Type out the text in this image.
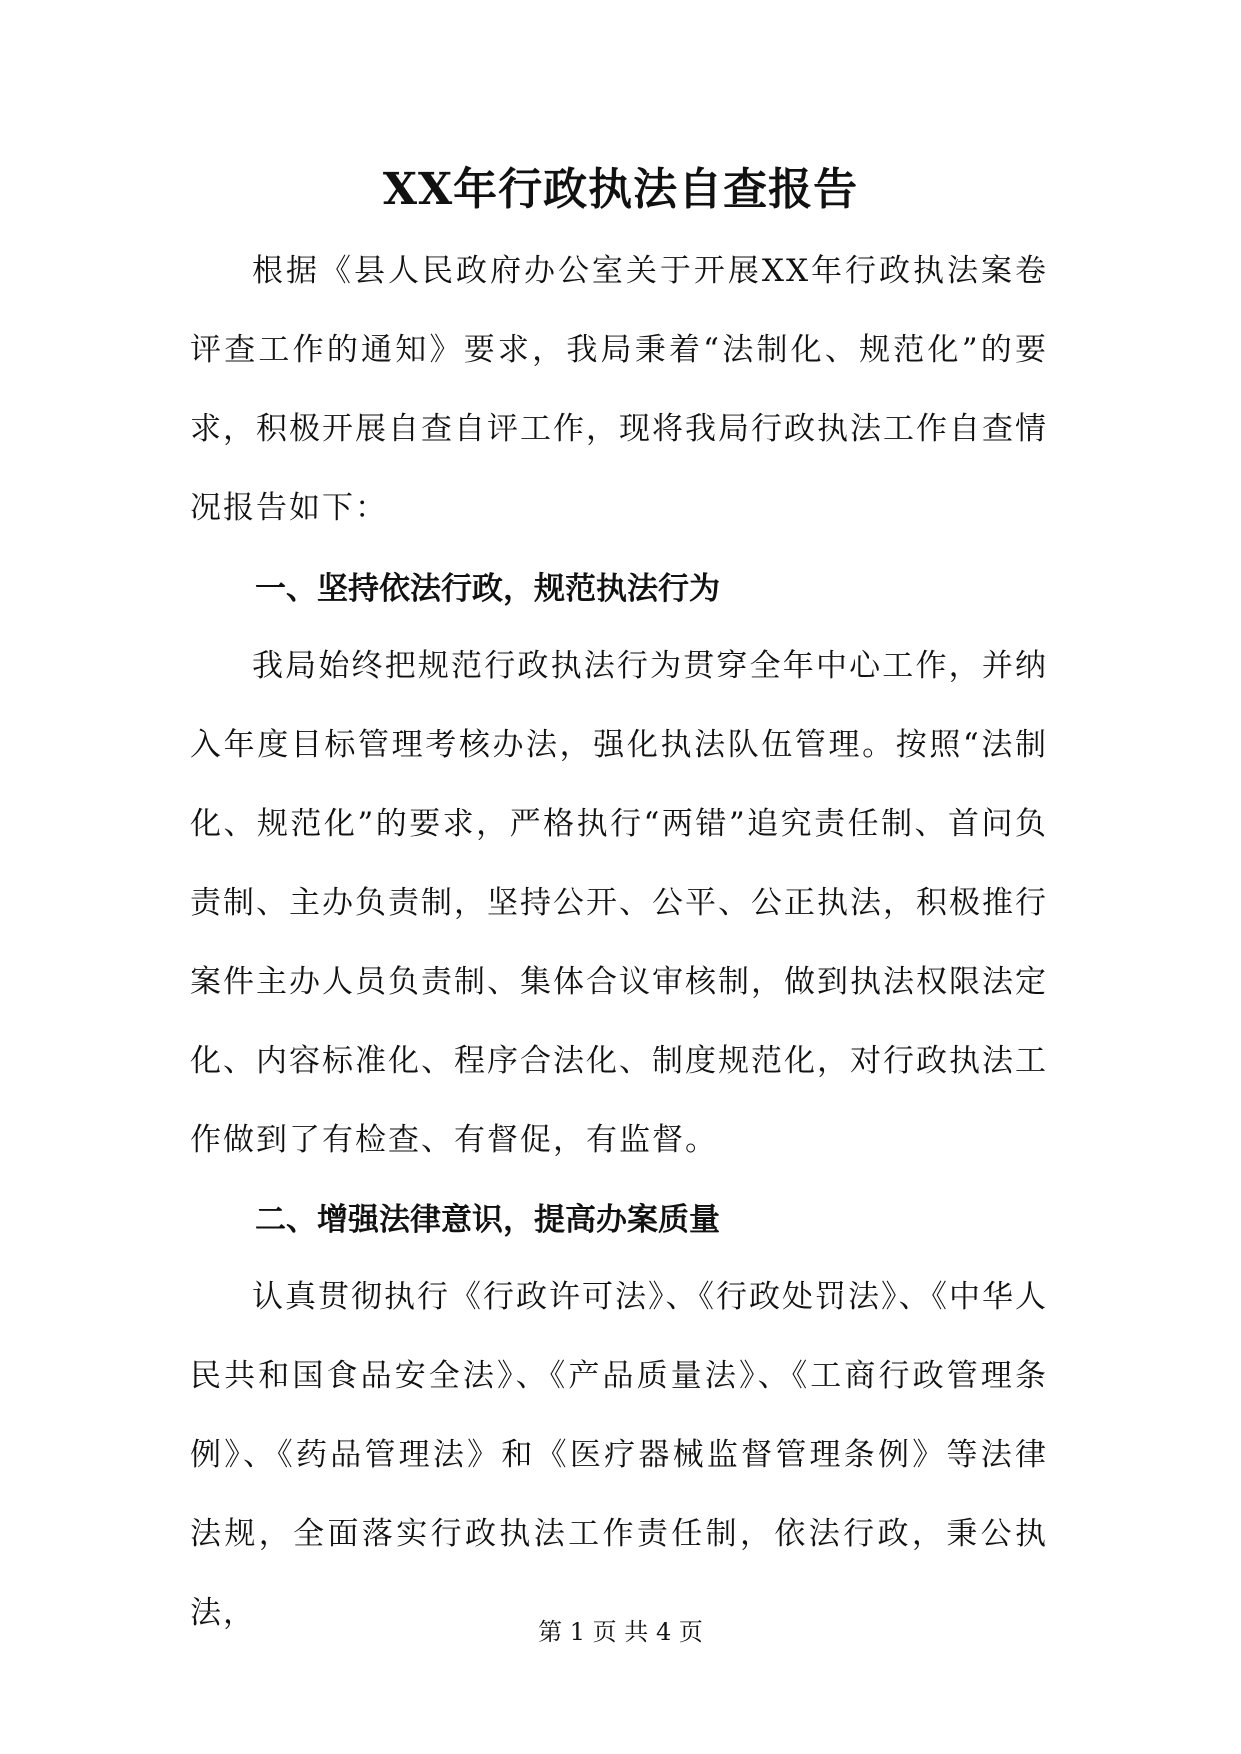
XX年行政执法自查报告

根据《县人民政府办公室关于开展XX年行政执法案卷评查工作的通知》要求，我局秉着“法制化、规范化”的要求，积极开展自查自评工作，现将我局行政执法工作自查情况报告如下：

一、坚持依法行政，规范执法行为

我局始终把规范行政执法行为贯穿全年中心工作，并纳入年度目标管理考核办法，强化执法队伍管理。按照“法制化、规范化”的要求，严格执行“两错”追究责任制、首问负责制、主办负责制，坚持公开、公平、公正执法，积极推行案件主办人员负责制、集体合议审核制，做到执法权限法定化、内容标准化、程序合法化、制度规范化，对行政执法工作做到了有检查、有督促，有监督。

二、增强法律意识，提高办案质量

认真贯彻执行《行政许可法》、《行政处罚法》、《中华人民共和国食品安全法》、《产品质量法》、《工商行政管理条例》、《药品管理法》和《医疗器械监督管理条例》等法律法规，全面落实行政执法工作责任制，依法行政，秉公执法，

第 1 页 共 4 页
